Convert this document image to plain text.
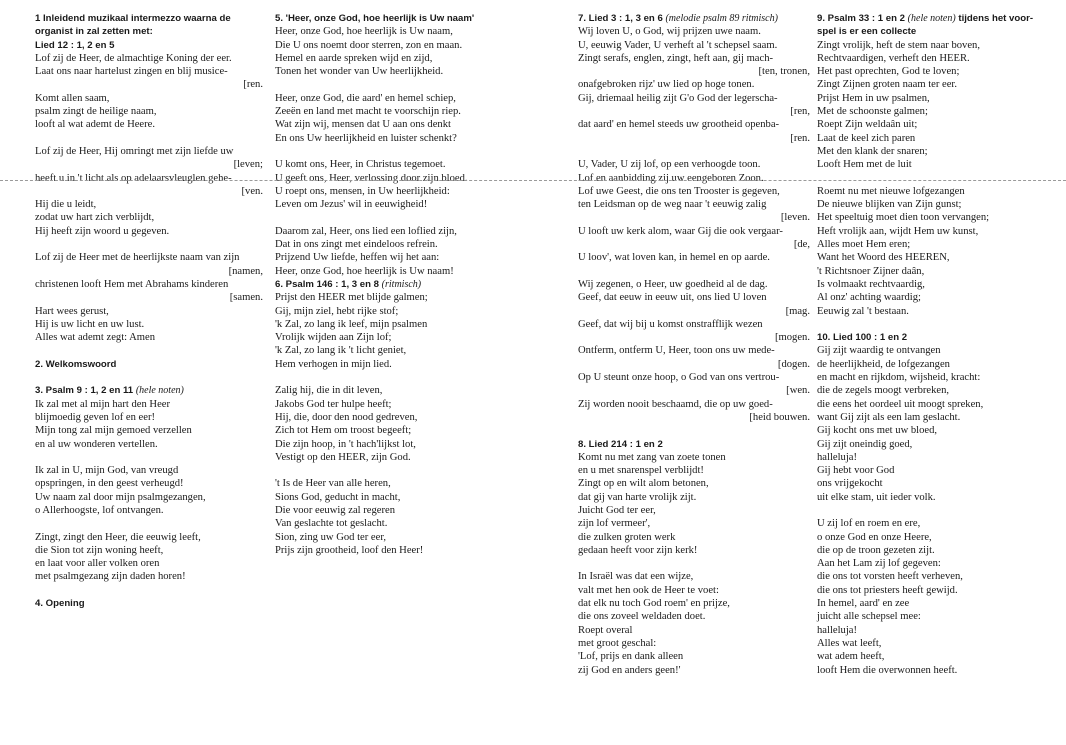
1 Inleidend muzikaal intermezzo waarna de
organist in zal zetten met:
Lied 12 : 1, 2 en 5
Lof zij de Heer, de almachtige Koning der eer.
Laat ons naar hartelust zingen en blij musice-
[ren.
Komt allen saam,
psalm zingt de heilige naam,
looft al wat ademt de Heere.
Lof zij de Heer, Hij omringt met zijn liefde uw
[leven;
heeft u in 't licht als op adelaarsvleuglen gehe-
[ven.
Hij die u leidt,
zodat uw hart zich verblijdt,
Hij heeft zijn woord u gegeven.
Lof zij de Heer met de heerlijkste naam van zijn
[namen,
christenen looft Hem met Abrahams kinderen
[samen.
Hart wees gerust,
Hij is uw licht en uw lust.
Alles wat ademt zegt: Amen
2. Welkomswoord
3. Psalm 9 : 1, 2 en 11 (hele noten)
Ik zal met al mijn hart den Heer
blijmoedig geven lof en eer!
Mijn tong zal mijn gemoed verzellen
en al uw wonderen vertellen.
Ik zal in U, mijn God, van vreugd
opspringen, in den geest verheugd!
Uw naam zal door mijn psalmgezangen,
o Allerhoogste, lof ontvangen.
Zingt, zingt den Heer, die eeuwig leeft,
die Sion tot zijn woning heeft,
en laat voor aller volken oren
met psalmgezang zijn daden horen!
4. Opening
5. 'Heer, onze God, hoe heerlijk is Uw naam'
Heer, onze God, hoe heerlijk is Uw naam,
Die U ons noemt door sterren, zon en maan.
Hemel en aarde spreken wijd en zijd,
Tonen het wonder van Uw heerlijkheid.
Heer, onze God, die aard' en hemel schiep,
Zeeën en land met macht te voorschijn riep.
Wat zijn wij, mensen dat U aan ons denkt
En ons Uw heerlijkheid en luister schenkt?
U komt ons, Heer, in Christus tegemoet.
U geeft ons, Heer, verlossing door zijn bloed.
U roept ons, mensen, in Uw heerlijkheid:
Leven om Jezus' wil in eeuwigheid!
Daarom zal, Heer, ons lied een loflied zijn,
Dat in ons zingt met eindeloos refrein.
Prijzend Uw liefde, heffen wij het aan:
Heer, onze God, hoe heerlijk is Uw naam!
6. Psalm 146 : 1, 3 en 8 (ritmisch)
Prijst den HEER met blijde galmen;
Gij, mijn ziel, hebt rijke stof;
'k Zal, zo lang ik leef, mijn psalmen
Vrolijk wijden aan Zijn lof;
'k Zal, zo lang ik 't licht geniet,
Hem verhogen in mijn lied.
Zalig hij, die in dit leven,
Jakobs God ter hulpe heeft;
Hij, die, door den nood gedreven,
Zich tot Hem om troost begeeft;
Die zijn hoop, in 't hach'lijkst lot,
Vestigt op den HEER, zijn God.
't Is de Heer van alle heren,
Sions God, geducht in macht,
Die voor eeuwig zal regeren
Van geslachte tot geslacht.
Sion, zing uw God ter eer,
Prijs zijn grootheid, loof den Heer!
7. Lied 3 : 1, 3 en 6 (melodie psalm 89 ritmisch)
Wij loven U, o God, wij prijzen uwe naam.
U, eeuwig Vader, U verheft al 't schepsel saam.
Zingt serafs, englen, zingt, heft aan, gij mach-
[ten, tronen,
onafgebroken rijz' uw lied op hoge tonen.
Gij, driemaal heilig zijt G'o God der legerscha-
[ren,
dat aard' en hemel steeds uw grootheid openba-
[ren.
U, Vader, U zij lof, op een verhoogde toon.
Lof en aanbidding zij uw eengeboren Zoon.
Lof uwe Geest, die ons ten Trooster is gegeven,
ten Leidsman op de weg naar 't eeuwig zalig
[leven.
U looft uw kerk alom, waar Gij die ook vergaar-
[de,
U loov', wat loven kan, in hemel en op aarde.
Wij zegenen, o Heer, uw goedheid al de dag.
Geef, dat eeuw in eeuw uit, ons lied U loven
[mag.
Geef, dat wij bij u komst onstrafflijk wezen
[mogen.
Ontferm, ontferm U, Heer, toon ons uw mede-
[dogen.
Op U steunt onze hoop, o God van ons vertrou-
[wen.
Zij worden nooit beschaamd, die op uw goed-
[heid bouwen.
8. Lied 214 : 1 en 2
Komt nu met zang van zoete tonen
en u met snarenspel verblijdt!
Zingt op en wilt alom betonen,
dat gij van harte vrolijk zijt.
Juicht God ter eer,
zijn lof vermeer',
die zulken groten werk
gedaan heeft voor zijn kerk!
In Israël was dat een wijze,
valt met hen ook de Heer te voet:
dat elk nu toch God roem' en prijze,
die ons zoveel weldaden doet.
Roept overal
met groot geschal:
'Lof, prijs en dank alleen
zij God en anders geen!'
9. Psalm 33 : 1 en 2 (hele noten) tijdens het voor-
spel is er een collecte
Zingt vrolijk, heft de stem naar boven,
Rechtvaardigen, verheft den HEER.
Het past oprechten, God te loven;
Zingt Zijnen groten naam ter eer.
Prijst Hem in uw psalmen,
Met de schoonste galmen;
Roept Zijn weldaân uit;
Laat de keel zich paren
Met den klank der snaren;
Looft Hem met de luit
Roemt nu met nieuwe lofgezangen
De nieuwe blijken van Zijn gunst;
Het speeltuig moet dien toon vervangen;
Heft vrolijk aan, wijdt Hem uw kunst,
Alles moet Hem eren;
Want het Woord des HEEREN,
't Richtsnoer Zijner daân,
Is volmaakt rechtvaardig,
Al onz' achting waardig;
Eeuwig zal 't bestaan.
10. Lied 100 : 1 en 2
Gij zijt waardig te ontvangen
de heerlijkheid, de lofgezangen
en macht en rijkdom, wijsheid, kracht:
die de zegels moogt verbreken,
die eens het oordeel uit moogt spreken,
want Gij zijt als een lam geslacht.
Gij kocht ons met uw bloed,
Gij zijt oneindig goed,
halleluja!
Gij hebt voor God
ons vrijgekocht
uit elke stam, uit ieder volk.
U zij lof en roem en ere,
o onze God en onze Heere,
die op de troon gezeten zijt.
Aan het Lam zij lof gegeven:
die ons tot vorsten heeft verheven,
die ons tot priesters heeft gewijd.
In hemel, aard' en zee
juicht alle schepsel mee:
halleluja!
Alles wat leeft,
wat adem heeft,
looft Hem die overwonnen heeft.
